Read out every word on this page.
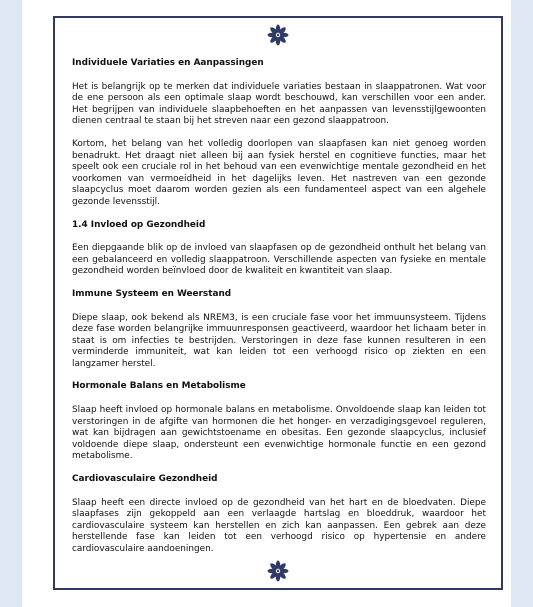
Individuele Variaties en Aanpassingen

Het is belangrijk op te merken dat individuele variaties bestaan in slaappatronen. Wat voor de ene persoon als een optimale slaap wordt beschouwd, kan verschillen voor een ander. Het begrijpen van individuele slaapbehoeften en het aanpassen van levensstijlgewoonten dienen centraal te staan bij het streven naar een gezond slaappatroon.

Kortom, het belang van het volledig doorlopen van slaapfasen kan niet genoeg worden benadrukt. Het draagt niet alleen bij aan fysiek herstel en cognitieve functies, maar het speelt ook een cruciale rol in het behoud van een evenwichtige mentale gezondheid en het voorkomen van vermoeidheid in het dagelijks leven. Het nastreven van een gezonde slaapcyclus moet daarom worden gezien als een fundamenteel aspect van een algehele gezonde levensstijl.

1.4 Invloed op Gezondheid

Een diepgaande blik op de invloed van slaapfasen op de gezondheid onthult het belang van een gebalanceerd en volledig slaappatroon. Verschillende aspecten van fysieke en mentale gezondheid worden beïnvloed door de kwaliteit en kwantiteit van slaap.

Immune Systeem en Weerstand

Diepe slaap, ook bekend als NREM3, is een cruciale fase voor het immuunsysteem. Tijdens deze fase worden belangrijke immuunresponsen geactiveerd, waardoor het lichaam beter in staat is om infecties te bestrijden. Verstoringen in deze fase kunnen resulteren in een verminderde immuniteit, wat kan leiden tot een verhoogd risico op ziekten en een langzamer herstel.

Hormonale Balans en Metabolisme

Slaap heeft invloed op hormonale balans en metabolisme. Onvoldoende slaap kan leiden tot verstoringen in de afgifte van hormonen die het honger- en verzadigingsgevoel reguleren, wat kan bijdragen aan gewichtstoename en obesitas. Een gezonde slaapcyclus, inclusief voldoende diepe slaap, ondersteunt een evenwichtige hormonale functie en een gezond metabolisme.

Cardiovasculaire Gezondheid

Slaap heeft een directe invloed op de gezondheid van het hart en de bloedvaten. Diepe slaapfases zijn gekoppeld aan een verlaagde hartslag en bloeddruk, waardoor het cardiovasculaire systeem kan herstellen en zich kan aanpassen. Een gebrek aan deze herstellende fase kan leiden tot een verhoogd risico op hypertensie en andere cardiovasculaire aandoeningen.
